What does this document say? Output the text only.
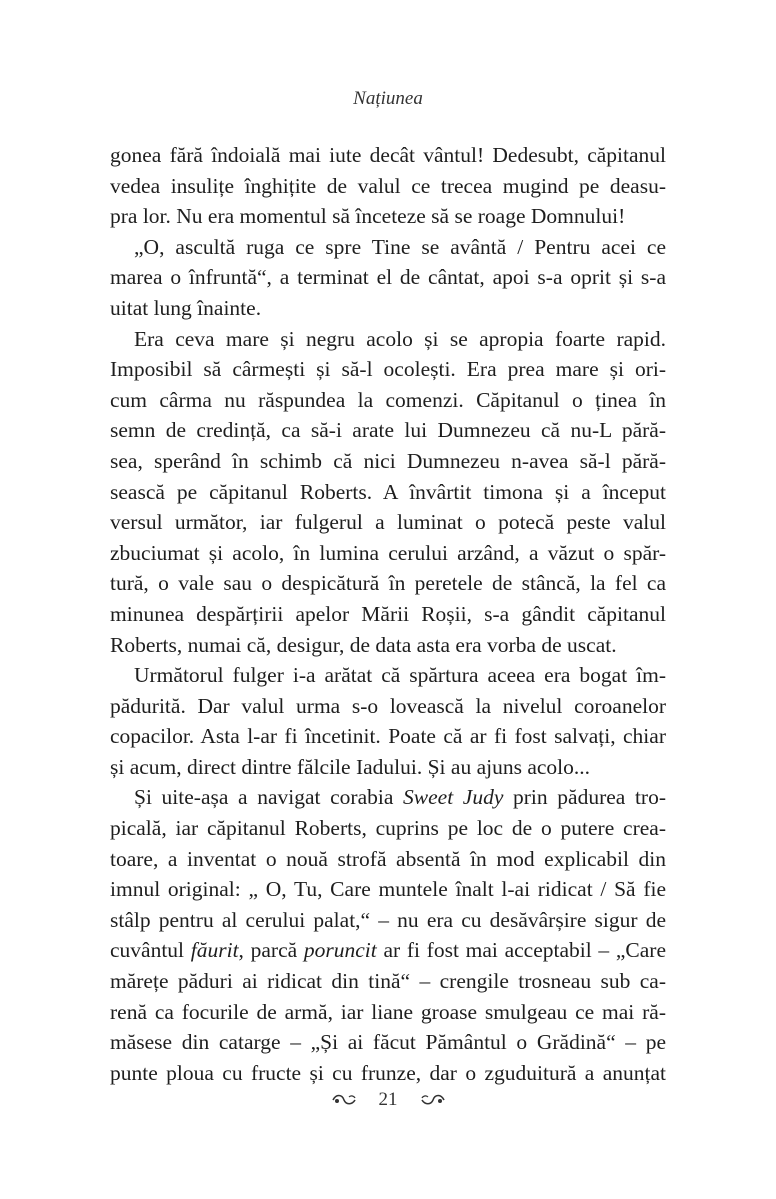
Națiunea
gonea fără îndoială mai iute decât vântul! Dedesubt, căpitanul
vedea insulițe înghițite de valul ce trecea mugind pe deasu-
pra lor. Nu era momentul să înceteze să se roage Domnului!
„O, ascultă ruga ce spre Tine se avântă / Pentru acei ce
marea o înfruntă“, a terminat el de cântat, apoi s-a oprit și s-a
uitat lung înainte.
Era ceva mare și negru acolo și se apropia foarte rapid.
Imposibil să cârmești și să-l ocolești. Era prea mare și ori-
cum cârma nu răspundea la comenzi. Căpitanul o ținea în
semn de credință, ca să-i arate lui Dumnezeu că nu-L pără-
sea, sperând în schimb că nici Dumnezeu n-avea să-l pără-
sească pe căpitanul Roberts. A învârtit timona și a început
versul următor, iar fulgerul a luminat o potecă peste valul
zbuciumat și acolo, în lumina cerului arzând, a văzut o spăr-
tură, o vale sau o despicătură în peretele de stâncă, la fel ca
minunea despărțirii apelor Mării Roșii, s-a gândit căpitanul
Roberts, numai că, desigur, de data asta era vorba de uscat.
Următorul fulger i-a arătat că spărtura aceea era bogat îm-
pădurită. Dar valul urma s-o lovească la nivelul coroanelor
copacilor. Asta l-ar fi încetinit. Poate că ar fi fost salvați, chiar
și acum, direct dintre fălcile Iadului. Și au ajuns acolo...
Și uite-așa a navigat corabia Sweet Judy prin pădurea tro-
picală, iar căpitanul Roberts, cuprins pe loc de o putere crea-
toare, a inventat o nouă strofă absentă în mod explicabil din
imnul original: „ O, Tu, Care muntele înalt l-ai ridicat / Să fie
stâlp pentru al cerului palat,“ – nu era cu desăvârșire sigur de
cuvântul făurit, parcă poruncit ar fi fost mai acceptabil – „Care
mărețe păduri ai ridicat din tină“ – crengile trosneau sub ca-
renă ca focurile de armă, iar liane groase smulgeau ce mai ră-
măsese din catarge – „Și ai făcut Pământul o Grădină“ – pe
punte ploua cu fructe și cu frunze, dar o zguduitură a anunțat
21
